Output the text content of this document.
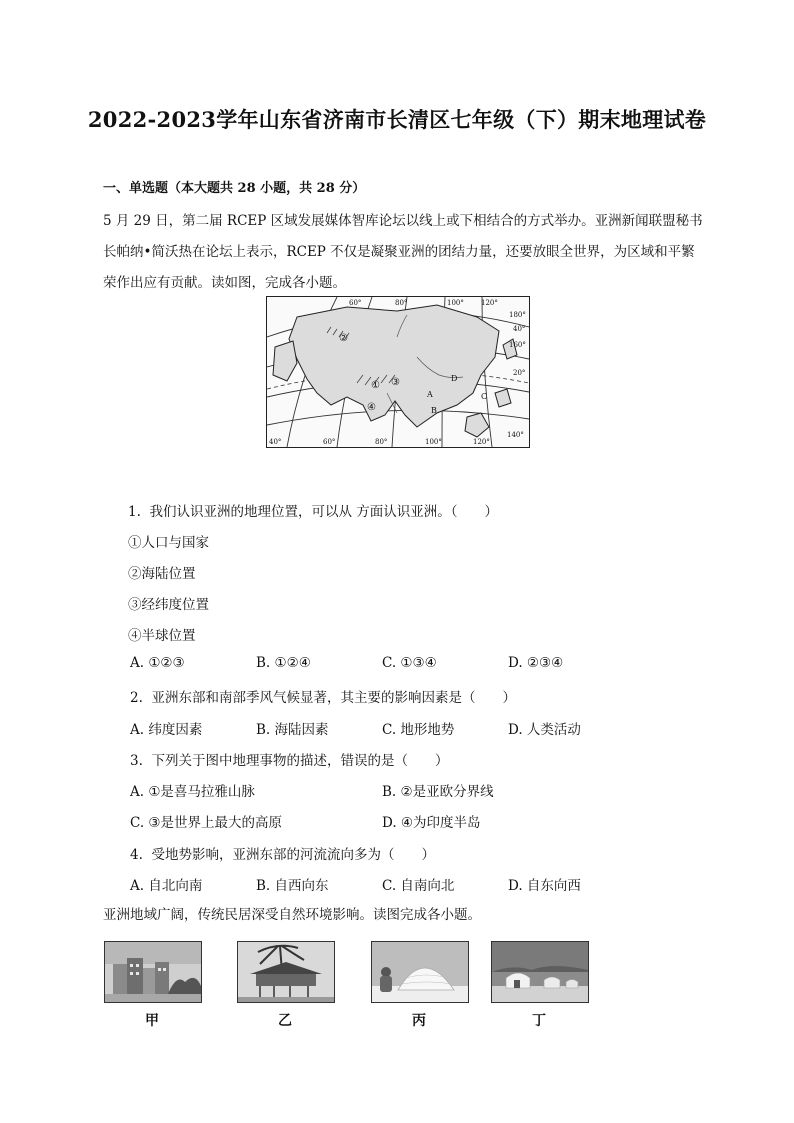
2022-2023学年山东省济南市长清区七年级（下）期末地理试卷
一、单选题（本大题共 28 小题，共 28 分）
5 月 29 日，第二届 RCEP 区域发展媒体智库论坛以线上或下相结合的方式举办。亚洲新闻联盟秘书长帕纳•简沃热在论坛上表示，RCEP 不仅是凝聚亚洲的团结力量，还要放眼全世界，为区域和平繁荣作出应有贡献。读如图，完成各小题。
①
②
③
④
D
A
B
C
60°	80°	100° 120°
40°	60°	80°	100°	120°
140°
180°
40°
160°
20°
1. 我们认识亚洲的地理位置，可以从 方面认识亚洲。（　　）
①人口与国家
②海陆位置
③经纬度位置
④半球位置
A. ①②③	B. ①②④	C. ①③④	D. ②③④
2. 亚洲东部和南部季风气候显著，其主要的影响因素是（　　）
A. 纬度因素	B. 海陆因素	C. 地形地势	D. 人类活动
3. 下列关于图中地理事物的描述，错误的是（　　）
A. ①是喜马拉雅山脉	B. ②是亚欧分界线
C. ③是世界上最大的高原	D. ④为印度半岛
4. 受地势影响，亚洲东部的河流流向多为（　　）
A. 自北向南	B. 自西向东	C. 自南向北	D. 自东向西
亚洲地域广阔，传统民居深受自然环境影响。读图完成各小题。
甲	乙	丙	丁
